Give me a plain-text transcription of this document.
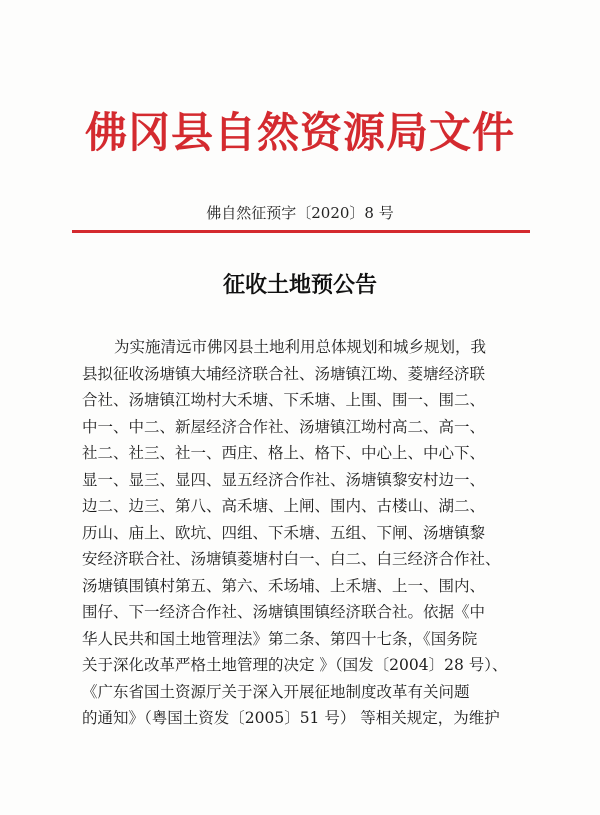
佛冈县自然资源局文件
佛自然征预字〔2020〕8 号
征收土地预公告
为实施清远市佛冈县土地利用总体规划和城乡规划，我
县拟征收汤塘镇大埔经济联合社、汤塘镇江坳、菱塘经济联
合社、汤塘镇江坳村大禾塘、下禾塘、上围、围一、围二、
中一、中二、新屋经济合作社、汤塘镇江坳村高二、高一、
社二、社三、社一、西庄、格上、格下、中心上、中心下、
显一、显三、显四、显五经济合作社、汤塘镇黎安村边一、
边二、边三、第八、高禾塘、上闸、围内、古楼山、湖二、
历山、庙上、欧坑、四组、下禾塘、五组、下闸、汤塘镇黎
安经济联合社、汤塘镇菱塘村白一、白二、白三经济合作社、
汤塘镇围镇村第五、第六、禾场埔、上禾塘、上一、围内、
围仔、下一经济合作社、汤塘镇围镇经济联合社。依据《中
华人民共和国土地管理法》第二条、第四十七条，《国务院
关于深化改革严格土地管理的决定 》（国发〔2004〕28 号）、
《广东省国土资源厅关于深入开展征地制度改革有关问题
的通知》（粤国土资发〔2005〕51 号） 等相关规定，为维护
